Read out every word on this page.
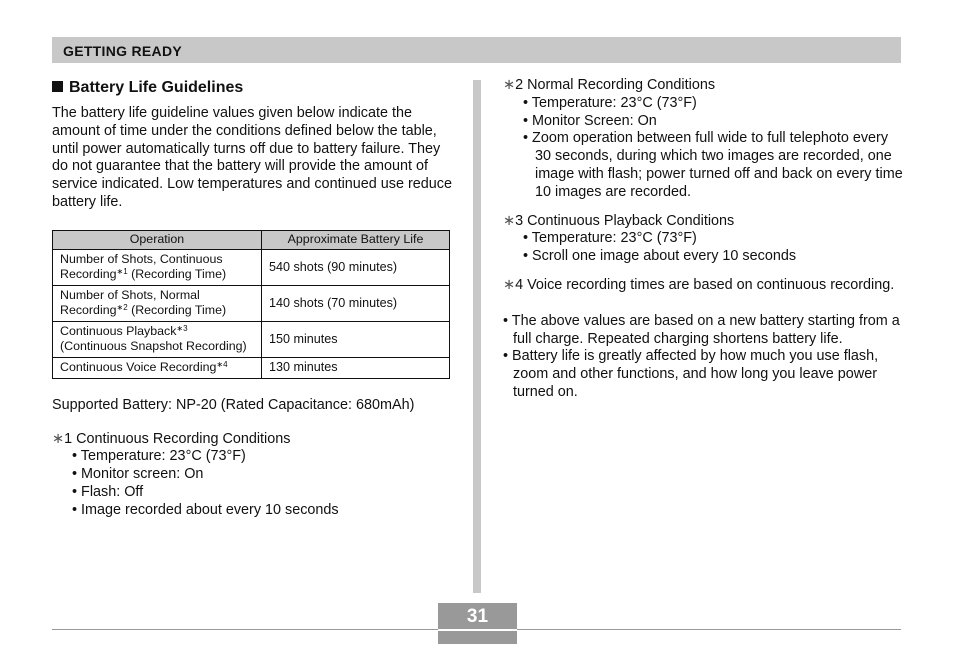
GETTING READY
Battery Life Guidelines

The battery life guideline values given below indicate the amount of time under the conditions defined below the table, until power automatically turns off due to battery failure. They do not guarantee that the battery will provide the amount of service indicated. Low temperatures and continued use reduce battery life.

Operation	Approximate Battery Life
Number of Shots, Continuous
Recording$^{∗1}$ (Recording Time)	540 shots (90 minutes)
Number of Shots, Normal
Recording$^{∗2}$ (Recording Time)	140 shots (70 minutes)
Continuous Playback$^{∗3}$
(Continuous Snapshot Recording)	150 minutes
Continuous Voice Recording$^{∗4}$	130 minutes

Supported Battery: NP-20 (Rated Capacitance: 680mAh)

∗1 Continuous Recording Conditions
• Temperature: 23°C (73°F)
• Monitor screen: On
• Flash: Off
• Image recorded about every 10 seconds
∗2 Normal Recording Conditions
• Temperature: 23°C (73°F)
• Monitor Screen: On
• Zoom operation between full wide to full telephoto every 30 seconds, during which two images are recorded, one image with flash; power turned off and back on every time 10 images are recorded.
∗3 Continuous Playback Conditions
• Temperature: 23°C (73°F)
• Scroll one image about every 10 seconds
∗4 Voice recording times are based on continuous recording.
• The above values are based on a new battery starting from a full charge. Repeated charging shortens battery life.
• Battery life is greatly affected by how much you use flash, zoom and other functions, and how long you leave power turned on.
31
